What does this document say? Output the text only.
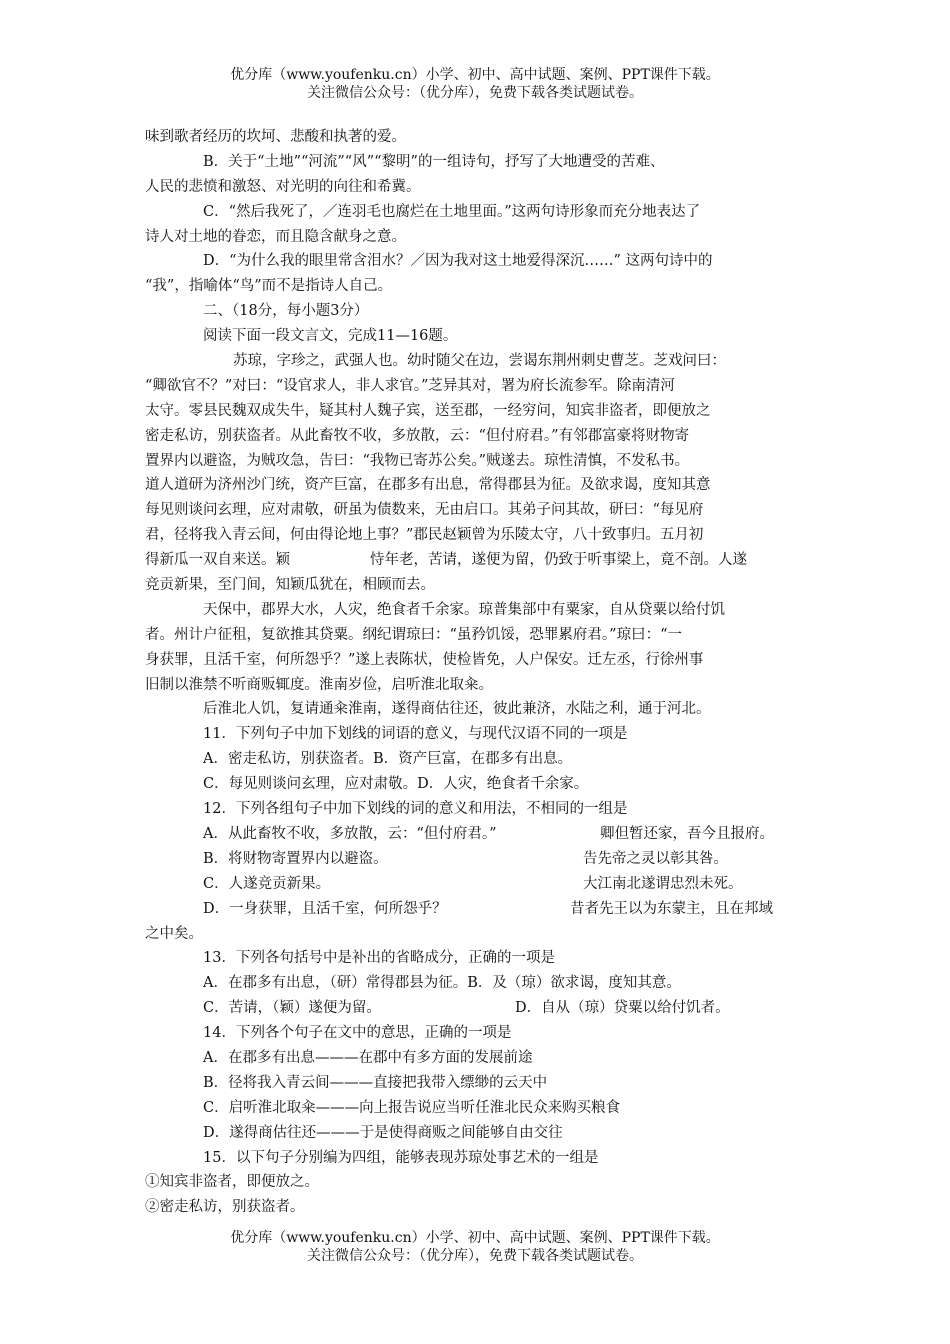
优分库（www.youfenku.cn）小学、初中、高中试题、案例、PPT课件下载。
关注微信公众号：（优分库），免费下载各类试题试卷。
味到歌者经历的坎坷、悲酸和执著的爱。
B．关于“土地”“河流”“风”“黎明”的一组诗句，抒写了大地遭受的苦难、
人民的悲愤和激怒、对光明的向往和希冀。
C．“然后我死了，／连羽毛也腐烂在土地里面。”这两句诗形象而充分地表达了
诗人对土地的眷恋，而且隐含献身之意。
D．“为什么我的眼里常含泪水？／因为我对这土地爱得深沉……” 这两句诗中的
“我”，指喻体“鸟”而不是指诗人自己。
二、（18分，每小题3分）
阅读下面一段文言文，完成11—16题。
苏琼，字珍之，武强人也。幼时随父在边，尝谒东荆州刺史曹芝。芝戏问曰：
“卿欲官不？”对曰：“设官求人，非人求官。”芝异其对，署为府长流参军。除南清河
太守。零县民魏双成失牛，疑其村人魏子宾，送至郡，一经穷问，知宾非盗者，即便放之
密走私访，别获盗者。从此畜牧不收，多放散，云：“但付府君。”有邻郡富豪将财物寄
置界内以避盗，为贼攻急，告曰：“我物已寄苏公矣。”贼遂去。琼性清慎，不发私书。
道人道研为济州沙门统，资产巨富，在郡多有出息，常得郡县为征。及欲求谒，度知其意
每见则谈问玄理，应对肃敬，研虽为债数来，无由启口。其弟子问其故，研曰：“每见府
君，径将我入青云间，何由得论地上事？”郡民赵颖曾为乐陵太守，八十致事归。五月初
得新瓜一双自来送。颖	恃年老，苦请，遂便为留，仍致于听事梁上，竟不剖。人遂
竞贡新果，至门间，知颖瓜犹在，相顾而去。
天保中，郡界大水，人灾，绝食者千余家。琼普集部中有粟家，自从贷粟以给付饥
者。州计户征租，复欲推其贷粟。纲纪谓琼曰：“虽矜饥馁，恐罪累府君。”琼曰：“一
身获罪，且活千室，何所怨乎？”遂上表陈状，使检皆免，人户保安。迁左丞，行徐州事
旧制以淮禁不听商贩辄度。淮南岁俭，启听淮北取籴。
后淮北人饥，复请通籴淮南，遂得商估往还，彼此兼济，水陆之利，通于河北。
11．下列句子中加下划线的词语的意义，与现代汉语不同的一项是
A．密走私访，别获盗者。B．资产巨富，在郡多有出息。
C．每见则谈问玄理，应对肃敬。D．人灾，绝食者千余家。
12．下列各组句子中加下划线的词的意义和用法，不相同的一组是
A．从此畜牧不收，多放散，云：“但付府君。”	卿但暂还家，吾今且报府。
B．将财物寄置界内以避盗。	告先帝之灵以彰其咎。
C．人遂竞贡新果。	大江南北遂谓忠烈未死。
D．一身获罪，且活千室，何所怨乎？	昔者先王以为东蒙主，且在邦域
之中矣。
13．下列各句括号中是补出的省略成分，正确的一项是
A．在郡多有出息，（研）常得郡县为征。B．及（琼）欲求谒，度知其意。
C．苦请，（颖）遂便为留。	D．自从（琼）贷粟以给付饥者。
14．下列各个句子在文中的意思，正确的一项是
A．在郡多有出息———在郡中有多方面的发展前途
B．径将我入青云间———直接把我带入缥缈的云天中
C．启听淮北取籴———向上报告说应当听任淮北民众来购买粮食
D．遂得商估往还———于是使得商贩之间能够自由交往
15．以下句子分别编为四组，能够表现苏琼处事艺术的一组是
①知宾非盗者，即便放之。
②密走私访，别获盗者。
优分库（www.youfenku.cn）小学、初中、高中试题、案例、PPT课件下载。
关注微信公众号：（优分库），免费下载各类试题试卷。
